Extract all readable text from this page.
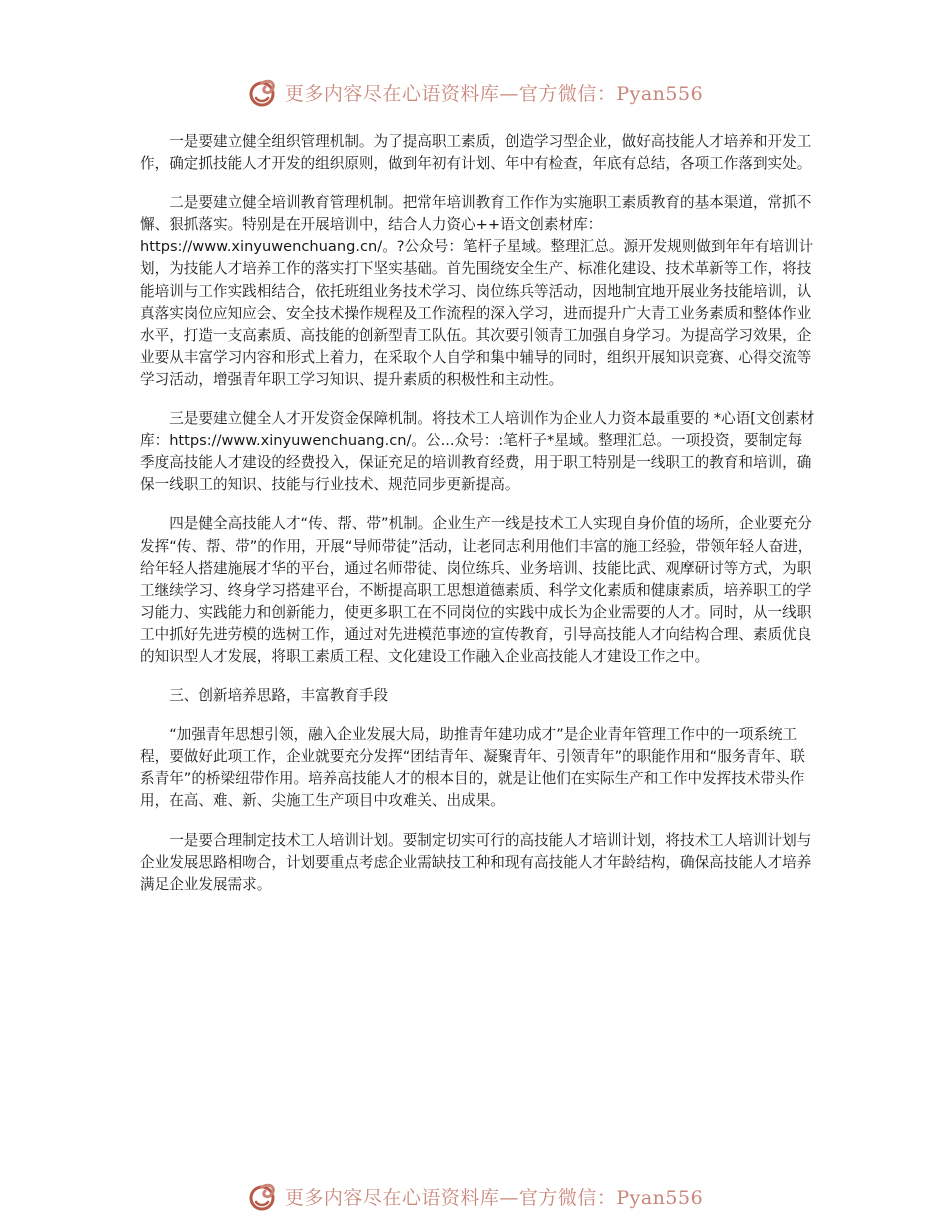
更多内容尽在心语资料库—官方微信：Pyan556

一是要建立健全组织管理机制。为了提高职工素质，创造学习型企业，做好高技能人才培养和开发工作，确定抓技能人才开发的组织原则，做到年初有计划、年中有检查，年底有总结，各项工作落到实处。

二是要建立健全培训教育管理机制。把常年培训教育工作作为实施职工素质教育的基本渠道，常抓不懈、狠抓落实。特别是在开展培训中，结合人力资心++语文创素材库：https://www.xinyuwenchuang.cn/。?公众号：笔杆子星域。整理汇总。源开发规则做到年年有培训计 划，为技能人才培养工作的落实打下坚实基础。首先围绕安全生产、标准化建设、技术革新等工作，将技能培训与工作实践相结合，依托班组业务技术学习、岗位练兵等活动，因地制宜地开展业务技能培训，认真落实岗位应知应会、安全技术操作规程及工作流程的深入学习，进而提升广大青工业务素质和整体作业水平，打造一支高素质、高技能的创新型青工队伍。其次要引领青工加强自身学习。为提高学习效果，企业要从丰富学习内容和形式上着力，在采取个人自学和集中辅导的同时，组织开展知识竞赛、心得交流等学习活动，增强青年职工学习知识、提升素质的积极性和主动性。

三是要建立健全人才开发资金保障机制。将技术工人培训作为企业人力资本最重要的 *心语[文创素材库：https://www.xinyuwenchuang.cn/。公...众号：:笔杆子*星域。整理汇总。一项投资，要制定每季度高技能人才建设的经费投入，保证充足的培训教育经费，用于职工特别是一线职工的教育和培训，确保一线职工的知识、技能与行业技术、规范同步更新提高。

四是健全高技能人才“传、帮、带”机制。企业生产一线是技术工人实现自身价值的场所，企业要充分发挥“传、帮、带”的作用，开展“导师带徒”活动，让老同志利用他们丰富的施工经验，带领年轻人奋进，给年轻人搭建施展才华的平台，通过名师带徒、岗位练兵、业务培训、技能比武、观摩研讨等方式，为职工继续学习、终身学习搭建平台，不断提高职工思想道德素质、科学文化素质和健康素质，培养职工的学习能力、实践能力和创新能力，使更多职工在不同岗位的实践中成长为企业需要的人才。同时，从一线职工中抓好先进劳模的选树工作，通过对先进模范事迹的宣传教育，引导高技能人才向结构合理、素质优良的知识型人才发展，将职工素质工程、文化建设工作融入企业高技能人才建设工作之中。

三、创新培养思路，丰富教育手段

“加强青年思想引领，融入企业发展大局，助推青年建功成才”是企业青年管理工作中的一项系统工程，要做好此项工作，企业就要充分发挥“团结青年、凝聚青年、引领青年”的职能作用和“服务青年、联系青年”的桥梁纽带作用。培养高技能人才的根本目的，就是让他们在实际生产和工作中发挥技术带头作用，在高、难、新、尖施工生产项目中攻难关、出成果。

一是要合理制定技术工人培训计划。要制定切实可行的高技能人才培训计划，将技术工人培训计划与企业发展思路相吻合，计划要重点考虑企业需缺技工种和现有高技能人才年龄结构，确保高技能人才培养满足企业发展需求。

更多内容尽在心语资料库—官方微信：Pyan556
